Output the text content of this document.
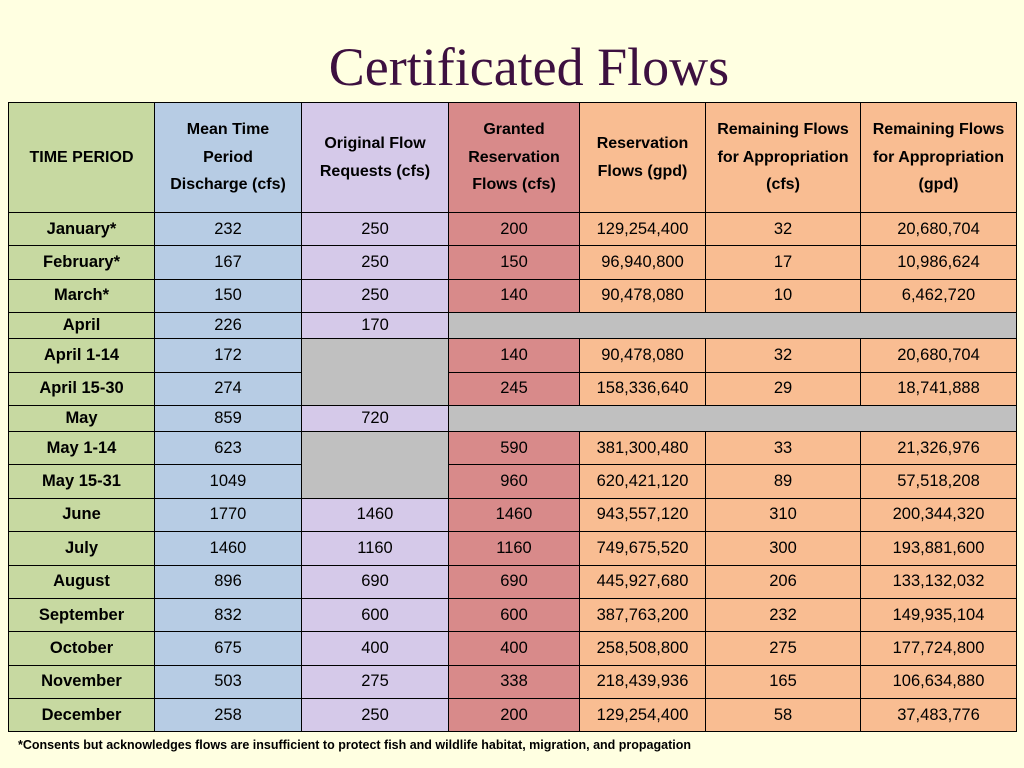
Certificated Flows
TIME PERIOD	Mean Time Period Discharge (cfs)	Original Flow Requests (cfs)	Granted Reservation Flows (cfs)	Reservation Flows (gpd)	Remaining Flows for Appropriation (cfs)	Remaining Flows for Appropriation (gpd)
January*	232	250	200	129,254,400	32	20,680,704
February*	167	250	150	96,940,800	17	10,986,624
March*	150	250	140	90,478,080	10	6,462,720
April	226	170				
April 1-14	172		140	90,478,080	32	20,680,704
April 15-30	274		245	158,336,640	29	18,741,888
May	859	720				
May 1-14	623		590	381,300,480	33	21,326,976
May 15-31	1049		960	620,421,120	89	57,518,208
June	1770	1460	1460	943,557,120	310	200,344,320
July	1460	1160	1160	749,675,520	300	193,881,600
August	896	690	690	445,927,680	206	133,132,032
September	832	600	600	387,763,200	232	149,935,104
October	675	400	400	258,508,800	275	177,724,800
November	503	275	338	218,439,936	165	106,634,880
December	258	250	200	129,254,400	58	37,483,776
*Consents but acknowledges flows are insufficient to protect fish and wildlife habitat, migration, and propagation
